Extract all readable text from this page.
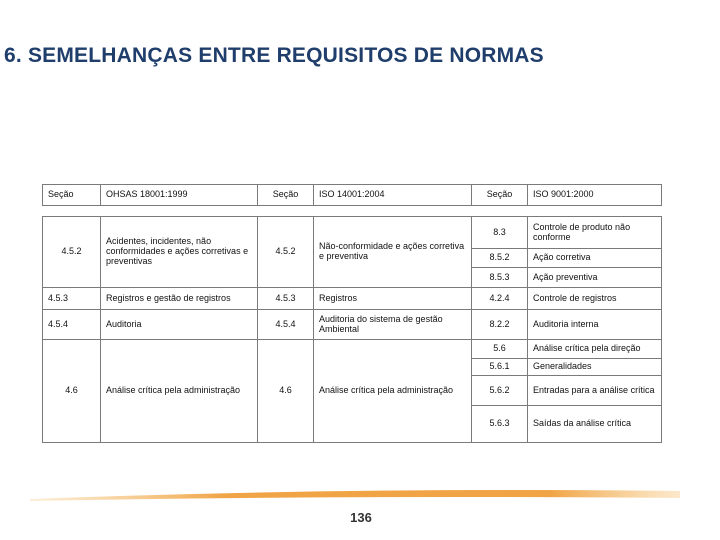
6. SEMELHANÇAS ENTRE REQUISITOS DE NORMAS
Seção	OHSAS 18001:1999	Seção	ISO 14001:2004	Seção	ISO 9001:2000

4.5.2	Acidentes, incidentes, não conformidades e ações corretivas e preventivas	4.5.2	Não-conformidade e ações corretiva e preventiva	8.3	Controle de produto não conforme
				8.5.2	Ação corretiva
				8.5.3	Ação preventiva
4.5.3	Registros e gestão de registros	4.5.3	Registros	4.2.4	Controle de registros
4.5.4	Auditoria	4.5.4	Auditoria do sistema de gestão Ambiental	8.2.2	Auditoria interna
4.6	Análise crítica pela administração	4.6	Análise crítica pela administração	5.6	Análise crítica pela direção
				5.6.1	Generalidades
				5.6.2	Entradas para a análise crítica
				5.6.3	Saídas da análise crítica
136
